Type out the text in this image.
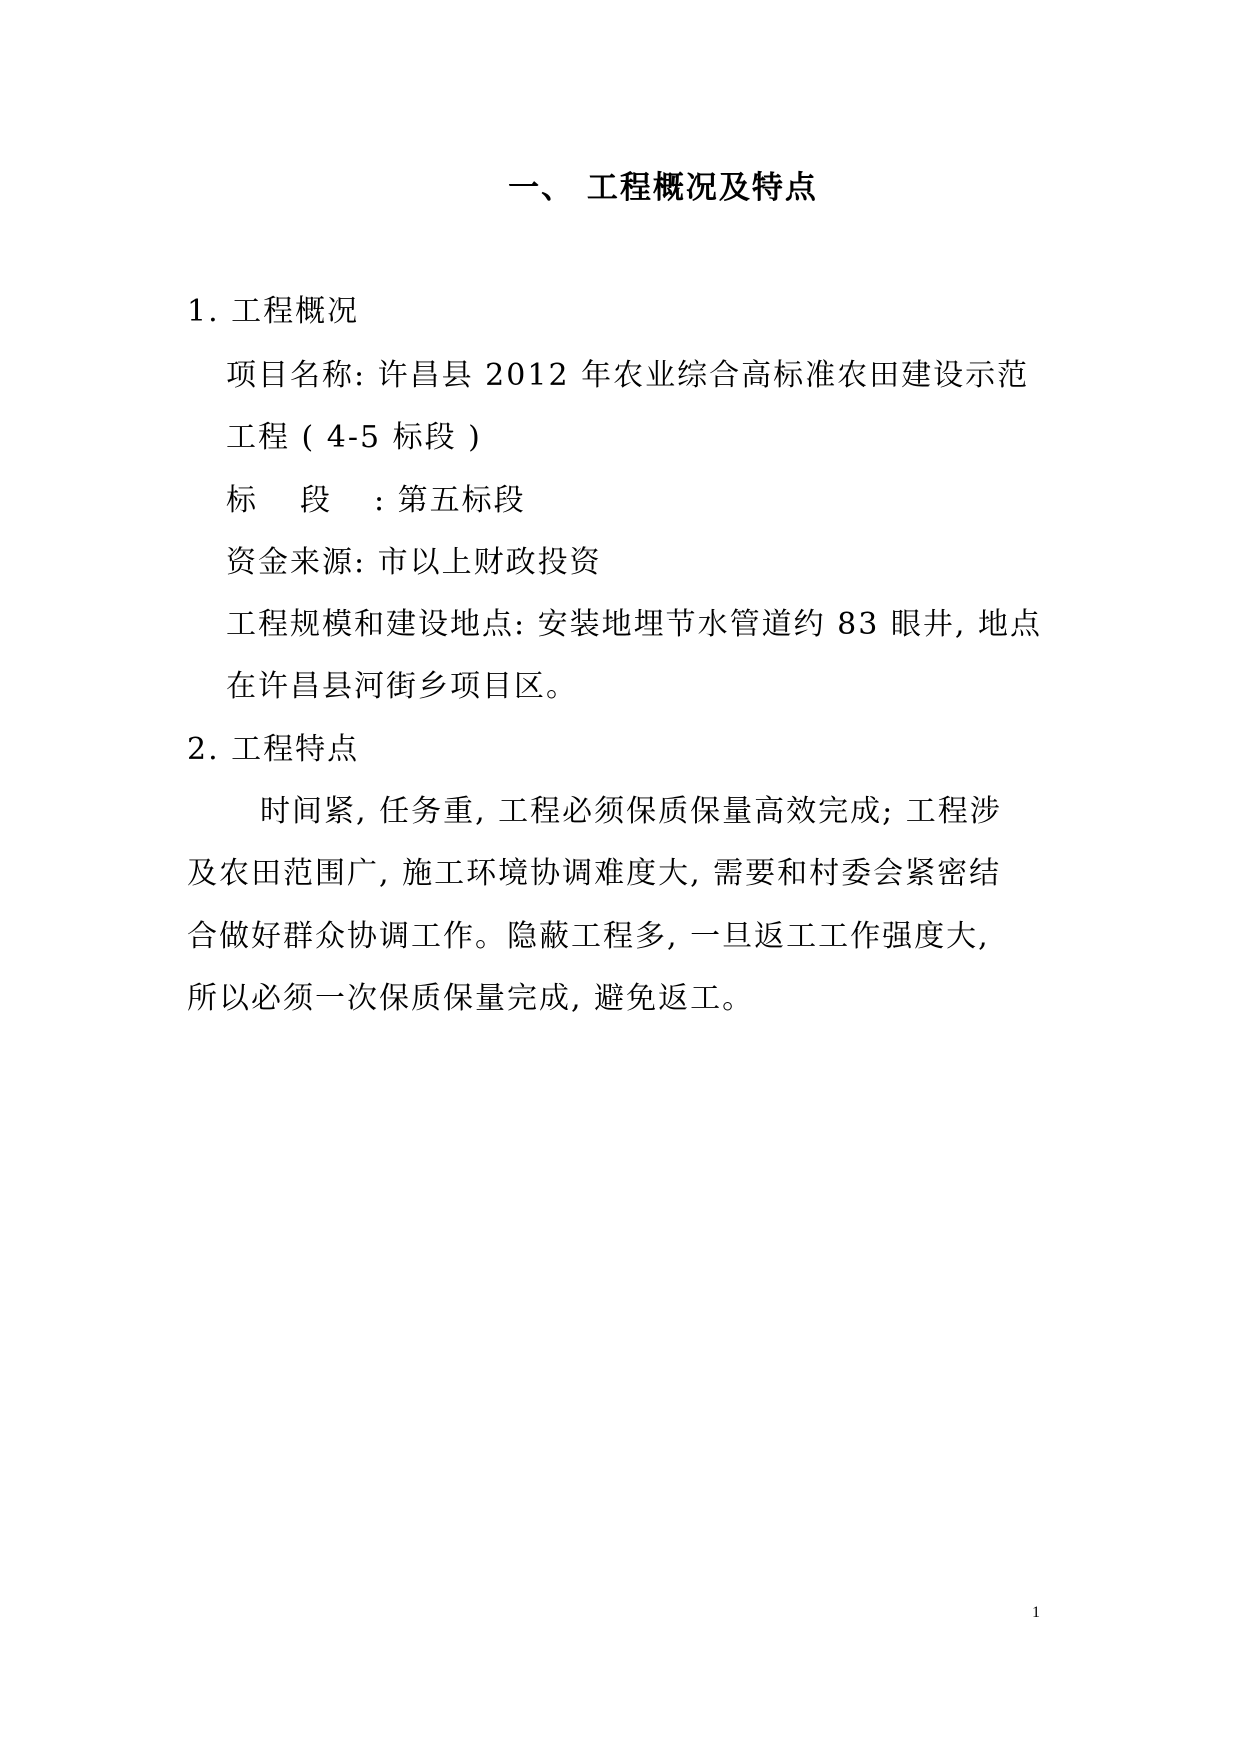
一、 工程概况及特点
1. 工程概况
项目名称: 许昌县 2012 年农业综合高标准农田建设示范
工程 ( 4-5 标段 )
标 段 : 第五标段
资金来源: 市以上财政投资
工程规模和建设地点: 安装地埋节水管道约 83 眼井, 地点
在许昌县河街乡项目区。
2. 工程特点
时间紧, 任务重, 工程必须保质保量高效完成; 工程涉
及农田范围广, 施工环境协调难度大, 需要和村委会紧密结
合做好群众协调工作。隐蔽工程多, 一旦返工工作强度大,
所以必须一次保质保量完成, 避免返工。
1
